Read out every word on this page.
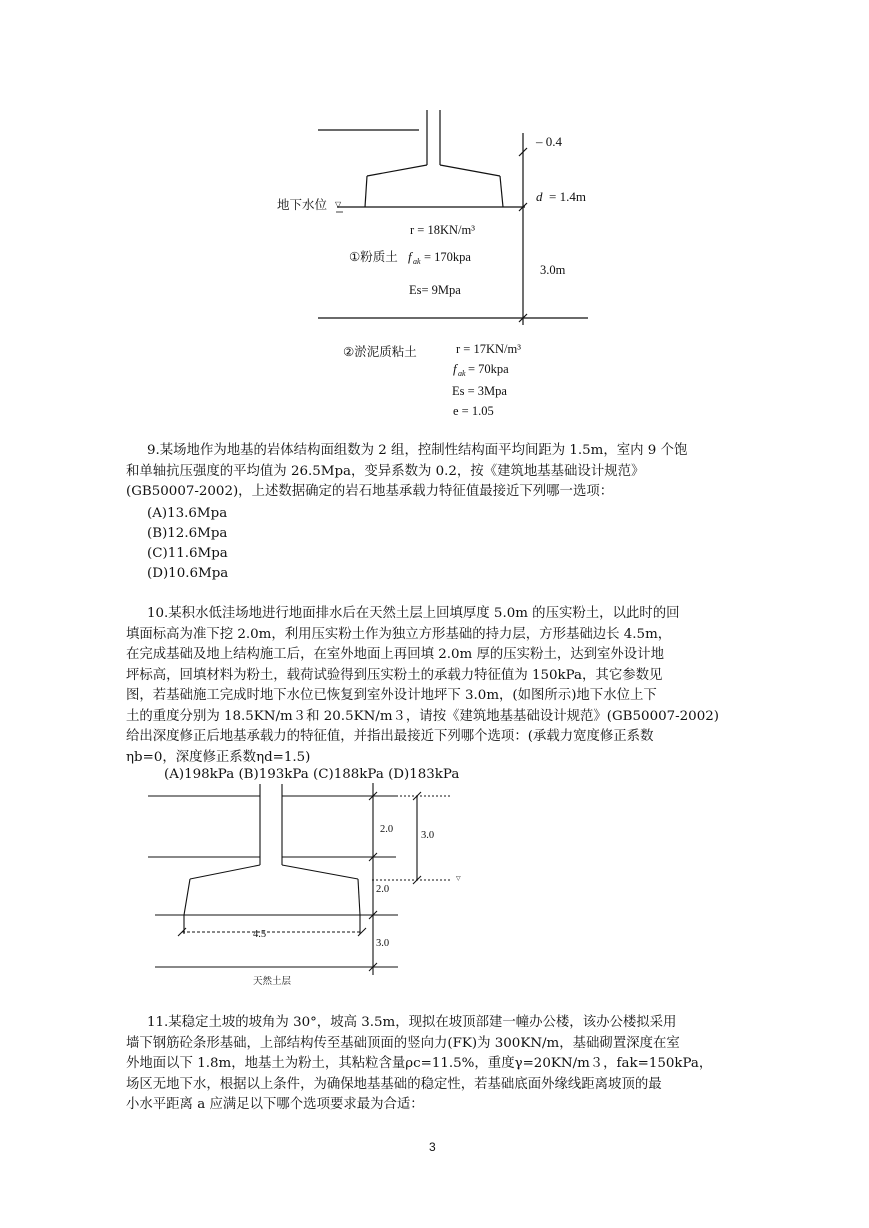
– 0.4
d = 1.4m
地下水位 ▽
r = 18KN/m³
①粉质土 f ak = 170kpa
Es= 9Mpa
3.0m
②淤泥质粘土	r = 17KN/m³
f ak = 70kpa
Es = 3Mpa
e = 1.05
9.某场地作为地基的岩体结构面组数为 2 组，控制性结构面平均间距为 1.5m，室内 9 个饱
和单轴抗压强度的平均值为 26.5Mpa，变异系数为 0.2，按《建筑地基基础设计规范》
(GB50007-2002)，上述数据确定的岩石地基承载力特征值最接近下列哪一选项：
(A)13.6Mpa
(B)12.6Mpa
(C)11.6Mpa
(D)10.6Mpa
10.某积水低洼场地进行地面排水后在天然土层上回填厚度 5.0m 的压实粉土，以此时的回
填面标高为准下挖 2.0m，利用压实粉土作为独立方形基础的持力层，方形基础边长 4.5m，
在完成基础及地上结构施工后，在室外地面上再回填 2.0m 厚的压实粉土，达到室外设计地
坪标高，回填材料为粉土，载荷试验得到压实粉土的承载力特征值为 150kPa，其它参数见
图，若基础施工完成时地下水位已恢复到室外设计地坪下 3.0m，(如图所示)地下水位上下
土的重度分别为 18.5KN/m３和 20.5KN/m３，请按《建筑地基基础设计规范》(GB50007-2002)
给出深度修正后地基承载力的特征值，并指出最接近下列哪个选项：(承载力宽度修正系数
ηb=0，深度修正系数ηd=1.5)
(A)198kPa (B)193kPa (C)188kPa (D)183kPa
2.0
3.0
2.0
3.0
4.5
▽
天然土层
11.某稳定土坡的坡角为 30°，坡高 3.5m，现拟在坡顶部建一幢办公楼，该办公楼拟采用
墙下钢筋砼条形基础，上部结构传至基础顶面的竖向力(FK)为 300KN/m，基础砌置深度在室
外地面以下 1.8m，地基土为粉土，其粘粒含量ρc=11.5%，重度γ=20KN/m３，fak=150kPa，
场区无地下水，根据以上条件，为确保地基基础的稳定性，若基础底面外缘线距离坡顶的最
小水平距离 a 应满足以下哪个选项要求最为合适：
3
